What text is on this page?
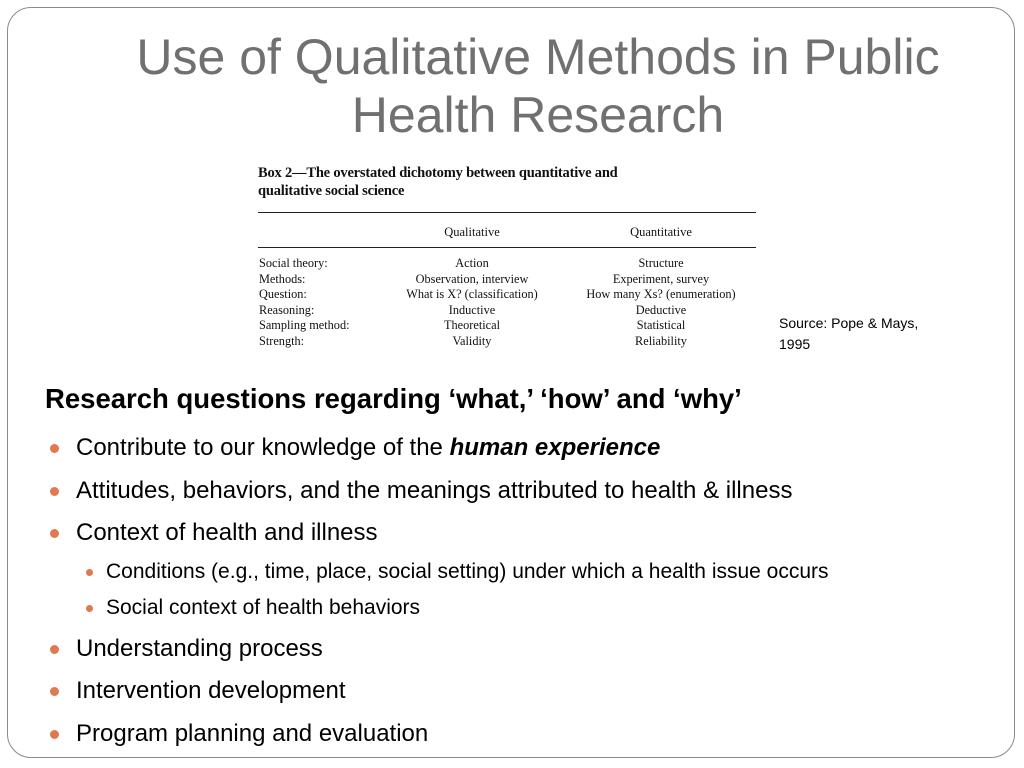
Use of Qualitative Methods in Public Health Research
Box 2—The overstated dichotomy between quantitative and
qualitative social science
Qualitative	Quantitative
Social theory:	Action	Structure
Methods:	Observation, interview	Experiment, survey
Question:	What is X? (classification)	How many Xs? (enumeration)
Reasoning:	Inductive	Deductive
Sampling method:	Theoretical	Statistical
Strength:	Validity	Reliability
Source: Pope & Mays,
1995
Research questions regarding ‘what,’ ‘how’ and ‘why’
Contribute to our knowledge of the human experience
Attitudes, behaviors, and the meanings attributed to health & illness
Context of health and illness
Conditions (e.g., time, place, social setting) under which a health issue occurs
Social context of health behaviors
Understanding process
Intervention development
Program planning and evaluation
